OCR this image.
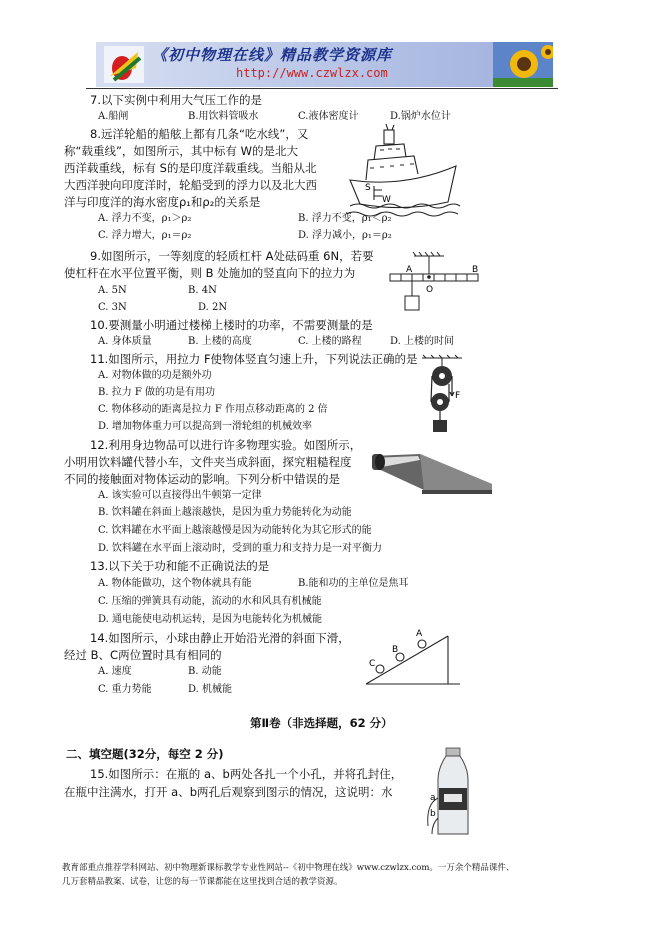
《初中物理在线》精品教学资源库
http://www.czwlzx.com
7.以下实例中利用大气压工作的是
A.船闸	B.用饮料管吸水	C.液体密度计	D.锅炉水位计
8.远洋轮船的船舷上都有几条“吃水线”，又
称“载重线”，如图所示，其中标有 W的是北大
西洋载重线，标有 S的是印度洋载重线。当船从北
大西洋驶向印度洋时，轮船受到的浮力以及北大西
洋与印度洋的海水密度ρ₁和ρ₂的关系是
A. 浮力不变，ρ₁＞ρ₂	B. 浮力不变，ρ₁＜ρ₂
C. 浮力增大，ρ₁＝ρ₂	D. 浮力减小，ρ₁＝ρ₂
S
W
9.如图所示，一等刻度的轻质杠杆 A处砝码重 6N，若要
使杠杆在水平位置平衡，则 B 处施加的竖直向下的拉力为
A. 5N	B. 4N
C. 3N	D. 2N
A
O
B
10.要测量小明通过楼梯上楼时的功率，不需要测量的是
A. 身体质量	B. 上楼的高度	C. 上楼的路程	D. 上楼的时间
11.如图所示，用拉力 F使物体竖直匀速上升，下列说法正确的是
A. 对物体做的功是额外功
B. 拉力 F 做的功是有用功
C. 物体移动的距离是拉力 F 作用点移动距离的 2 倍
D. 增加物体重力可以提高到一滑轮组的机械效率
F
12.利用身边物品可以进行许多物理实验。如图所示，
小明用饮料罐代替小车，文件夹当成斜面，探究粗糙程度
不同的接触面对物体运动的影响。下列分析中错误的是
A. 该实验可以直接得出牛顿第一定律
B. 饮料罐在斜面上越滚越快，是因为重力势能转化为动能
C. 饮料罐在水平面上越滚越慢是因为动能转化为其它形式的能
D. 饮料罐在水平面上滚动时，受到的重力和支持力是一对平衡力
13.以下关于功和能不正确说法的是
A. 物体能做功，这个物体就具有能	B.能和功的主单位是焦耳
C. 压缩的弹簧具有动能，流动的水和风具有机械能
D. 通电能使电动机运转，是因为电能转化为机械能
14.如图所示，小球由静止开始沿光滑的斜面下滑，
经过 B、C两位置时具有相同的
A. 速度	B. 动能
C. 重力势能	D. 机械能
A
B
C
第Ⅱ卷（非选择题，62 分）
二、填空题(32分，每空 2 分)
15.如图所示：在瓶的 a、b两处各扎一个小孔，并将孔封住，
在瓶中注满水，打开 a、b两孔后观察到图示的情况，这说明：水	a
b
教育部重点推荐学科网站、初中物理新课标教学专业性网站--《初中物理在线》www.czwlzx.com。一万余个精品课件、
几万套精品教案、试卷，让您的每一节课都能在这里找到合适的教学资源。
